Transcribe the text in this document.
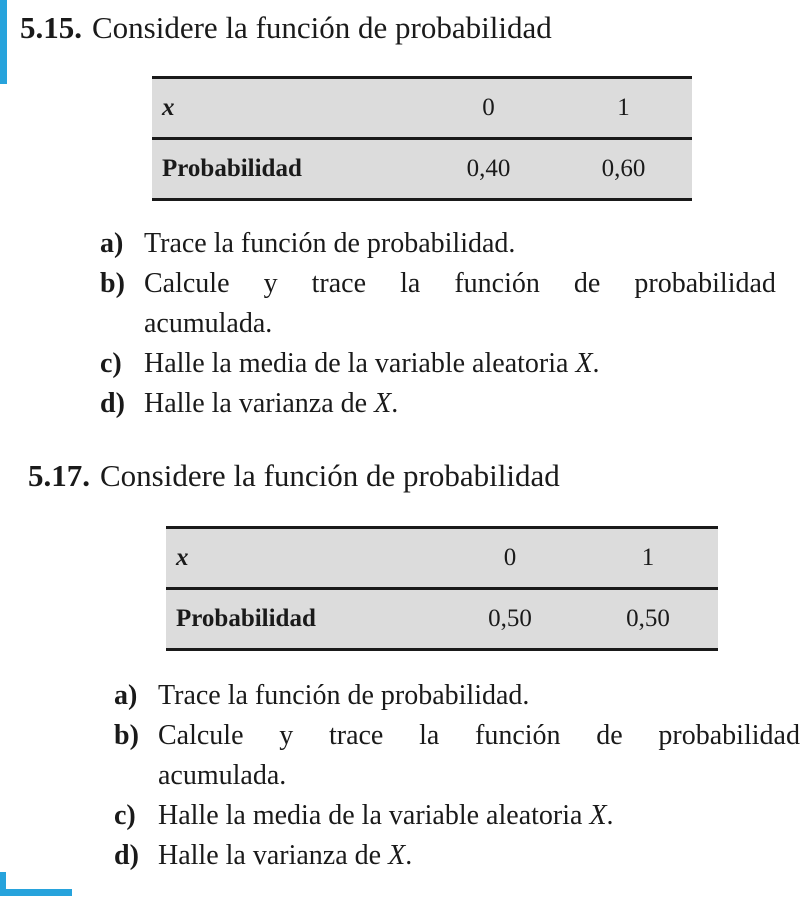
5.15. Considere la función de probabilidad
x	0	1
Probabilidad	0,40	0,60
a) Trace la función de probabilidad.
b) Calcule y trace la función de probabilidad
acumulada.
c) Halle la media de la variable aleatoria X.
d) Halle la varianza de X.
5.17. Considere la función de probabilidad
x	0	1
Probabilidad	0,50	0,50
a) Trace la función de probabilidad.
b) Calcule y trace la función de probabilidad
acumulada.
c) Halle la media de la variable aleatoria X.
d) Halle la varianza de X.
